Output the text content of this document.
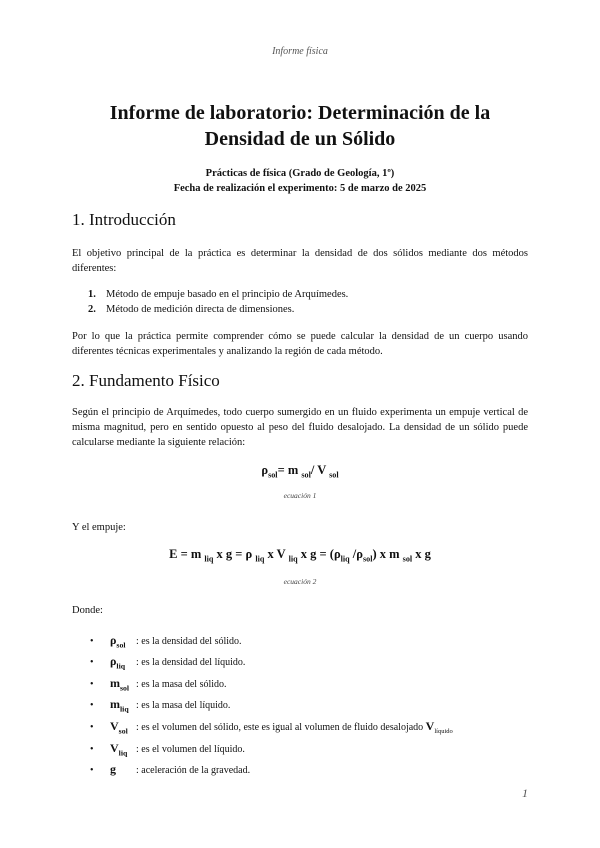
Informe física
Informe de laboratorio: Determinación de la
Densidad de un Sólido
Prácticas de física (Grado de Geología, 1º)
Fecha de realización el experimento: 5 de marzo de 2025
1. Introducción

El objetivo principal de la práctica es determinar la densidad de dos sólidos mediante dos métodos diferentes:

1. Método de empuje basado en el principio de Arquímedes.
2. Método de medición directa de dimensiones.

Por lo que la práctica permite comprender cómo se puede calcular la densidad de un cuerpo usando diferentes técnicas experimentales y analizando la región de cada método.

2. Fundamento Físico

Según el principio de Arquímedes, todo cuerpo sumergido en un fluido experimenta un empuje vertical de misma magnitud, pero en sentido opuesto al peso del fluido desalojado. La densidad de un sólido puede calcularse mediante la siguiente relación:

$\rho_{sol}= m$ $_{sol}$/ V $_{sol}$
ecuación 1

Y el empuje:

E = m $_{liq}$ x g = ρ $_{liq}$ x V $_{liq}$ x $g = (\rho_{liq}$ $/\rho_{sol}$) x m $_{sol}$ x g
ecuación 2

Donde:

• $\rho_{sol}$ : es la densidad del sólido.
• $\rho_{liq}$ : es la densidad del líquido.
• $m_{sol}$ : es la masa del sólido.
• $m_{liq}$ : es la masa del líquido.
• $V_{sol}$ : es el volumen del sólido, este es igual al volumen de fluido desalojado $V_{líquido}$
• $V_{liq}$ : es el volumen del líquido.
• g : aceleración de la gravedad.
1
